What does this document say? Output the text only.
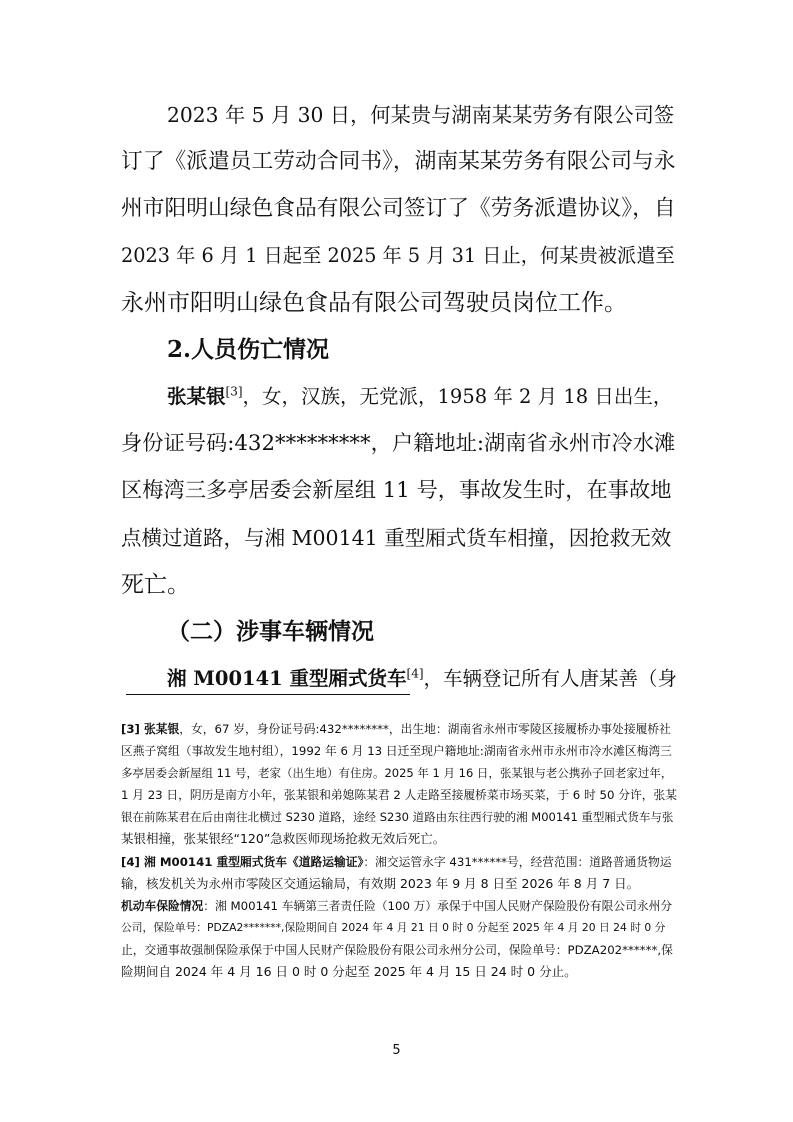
2023 年 5 月 30 日，何某贵与湖南某某劳务有限公司签
订了《派遣员工劳动合同书》，湖南某某劳务有限公司与永
州市阳明山绿色食品有限公司签订了《劳务派遣协议》，自
2023 年 6 月 1 日起至 2025 年 5 月 31 日止，何某贵被派遣至
永州市阳明山绿色食品有限公司驾驶员岗位工作。
2.人员伤亡情况
张某银[3]，女，汉族，无党派，1958 年 2 月 18 日出生，
身份证号码:432*********，户籍地址:湖南省永州市冷水滩
区梅湾三多亭居委会新屋组 11 号，事故发生时，在事故地
点横过道路，与湘 M00141 重型厢式货车相撞，因抢救无效
死亡。
（二）涉事车辆情况
湘 M00141 重型厢式货车[4]，车辆登记所有人唐某善（身
[3] 张某银，女，67 岁，身份证号码:432********，出生地：湖南省永州市零陵区接履桥办事处接履桥社
区燕子窝组（事故发生地村组），1992 年 6 月 13 日迁至现户籍地址:湖南省永州市永州市冷水滩区梅湾三
多亭居委会新屋组 11 号，老家（出生地）有住房。2025 年 1 月 16 日，张某银与老公携孙子回老家过年，
1 月 23 日，阴历是南方小年，张某银和弟媳陈某君 2 人走路至接履桥菜市场买菜，于 6 时 50 分许，张某
银在前陈某君在后由南往北横过 S230 道路，途经 S230 道路由东往西行驶的湘 M00141 重型厢式货车与张
某银相撞，张某银经“120”急救医师现场抢救无效后死亡。
[4] 湘 M00141 重型厢式货车《道路运输证》：湘交运管永字 431******号，经营范围：道路普通货物运
输，核发机关为永州市零陵区交通运输局，有效期 2023 年 9 月 8 日至 2026 年 8 月 7 日。
机动车保险情况：湘 M00141 车辆第三者责任险（100 万）承保于中国人民财产保险股份有限公司永州分
公司，保险单号：PDZA2*******,保险期间自 2024 年 4 月 21 日 0 时 0 分起至 2025 年 4 月 20 日 24 时 0 分
止，交通事故强制保险承保于中国人民财产保险股份有限公司永州分公司，保险单号：PDZA202******,保
险期间自 2024 年 4 月 16 日 0 时 0 分起至 2025 年 4 月 15 日 24 时 0 分止。
5
